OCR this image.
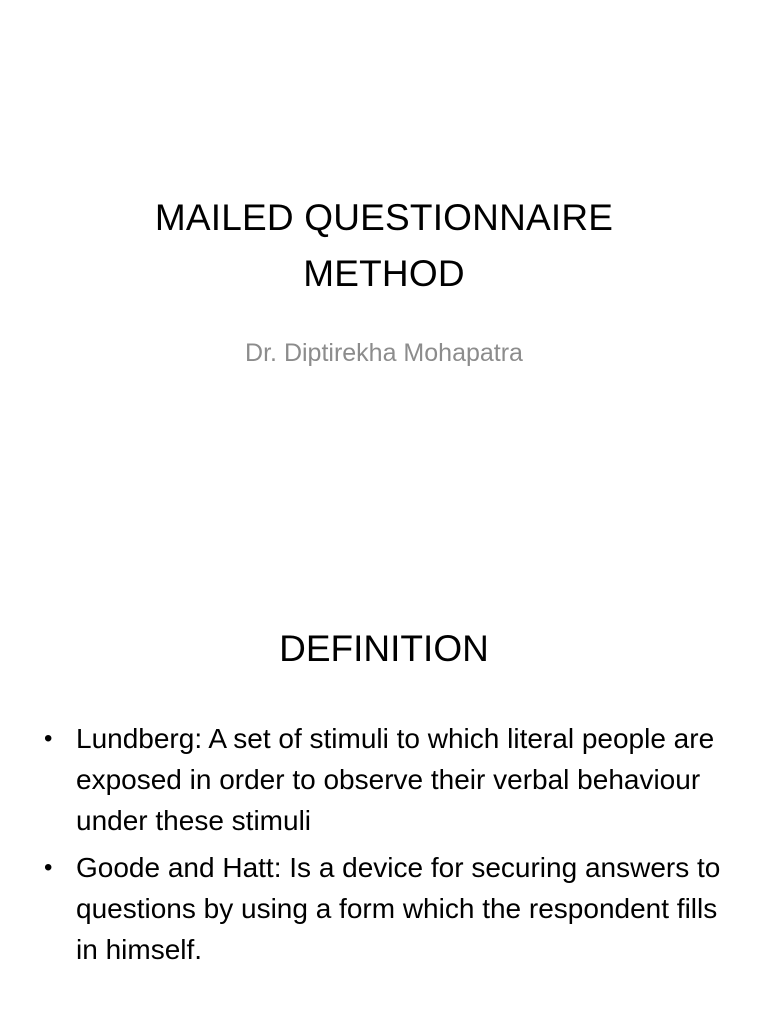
MAILED QUESTIONNAIRE
METHOD
Dr. Diptirekha Mohapatra
DEFINITION
• Lundberg: A set of stimuli to which literal people are exposed in order to observe their verbal behaviour under these stimuli
• Goode and Hatt: Is a device for securing answers to questions by using a form which the respondent fills in himself.
